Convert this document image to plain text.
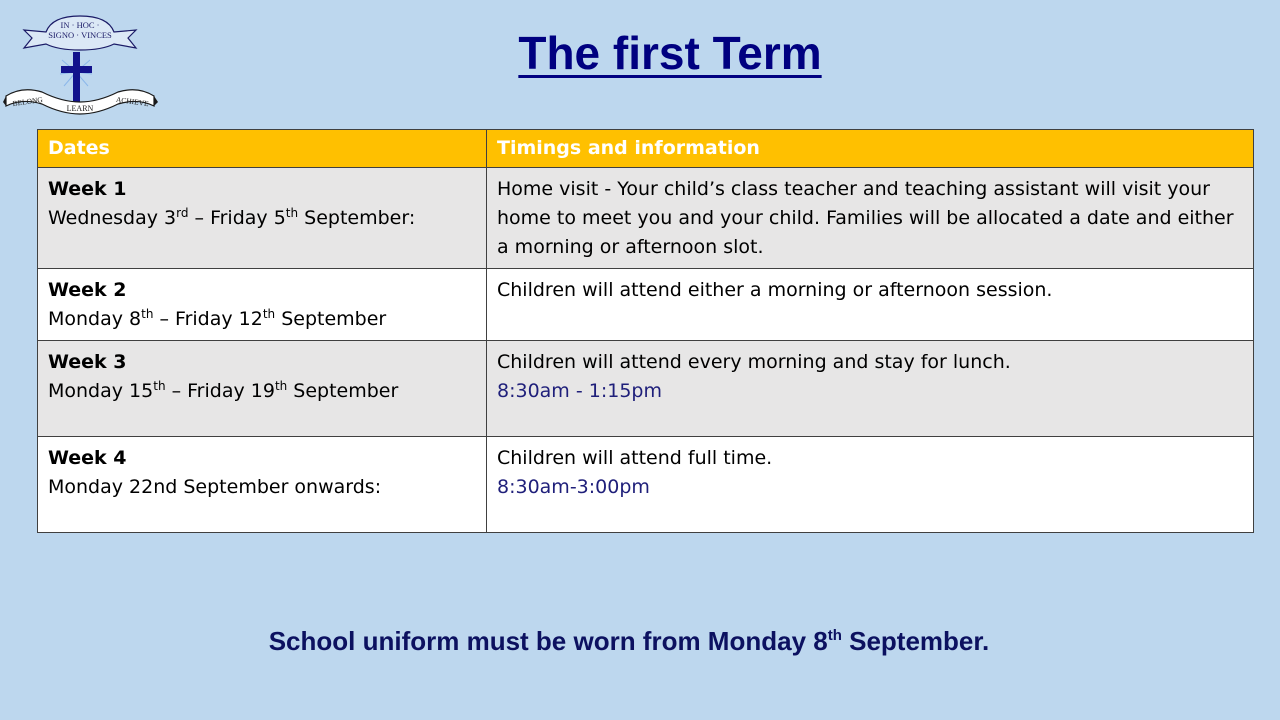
IN · HOC ·
SIGNO · VINCES
BELONG
LEARN
ACHIEVE
The first Term
Dates	Timings and information

Week 1
Wednesday 3rd – Friday 5th September:	Home visit - Your child’s class teacher and teaching assistant will visit your home to meet you and your child. Families will be allocated a date and either a morning or afternoon slot.

Week 2
Monday 8th – Friday 12th September	Children will attend either a morning or afternoon session.

Week 3
Monday 15th – Friday 19th September	Children will attend every morning and stay for lunch.
8:30am - 1:15pm

Week 4
Monday 22nd September onwards:	Children will attend full time.
8:30am-3:00pm
School uniform must be worn from Monday 8th September.
